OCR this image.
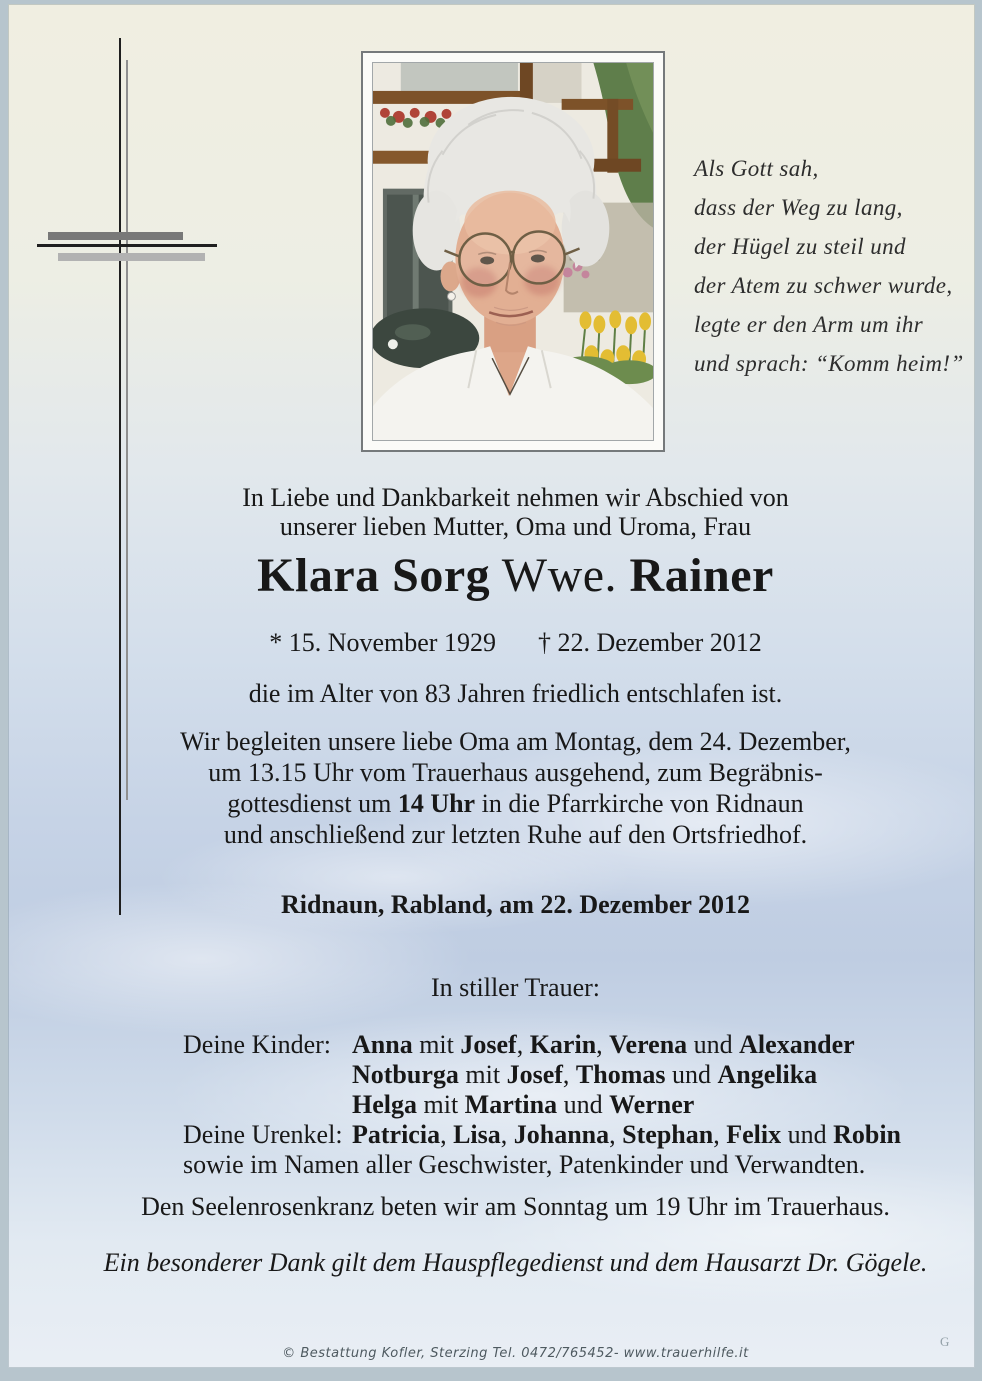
Als Gott sah,
dass der Weg zu lang,
der Hügel zu steil und
der Atem zu schwer wurde,
legte er den Arm um ihr
und sprach: “Komm heim!”
In Liebe und Dankbarkeit nehmen wir Abschied von
unserer lieben Mutter, Oma und Uroma, Frau
Klara Sorg Wwe. Rainer
* 15. November 1929 † 22. Dezember 2012
die im Alter von 83 Jahren friedlich entschlafen ist.
Wir begleiten unsere liebe Oma am Montag, dem 24. Dezember,
um 13.15 Uhr vom Trauerhaus ausgehend, zum Begräbnis-
gottesdienst um 14 Uhr in die Pfarrkirche von Ridnaun
und anschließend zur letzten Ruhe auf den Ortsfriedhof.
Ridnaun, Rabland, am 22. Dezember 2012
In stiller Trauer:
Deine Kinder: Anna mit Josef, Karin, Verena und Alexander
Notburga mit Josef, Thomas und Angelika
Helga mit Martina und Werner
Deine Urenkel: Patricia, Lisa, Johanna, Stephan, Felix und Robin
sowie im Namen aller Geschwister, Patenkinder und Verwandten.
Den Seelenrosenkranz beten wir am Sonntag um 19 Uhr im Trauerhaus.
Ein besonderer Dank gilt dem Hauspflegedienst und dem Hausarzt Dr. Gögele.
© Bestattung Kofler, Sterzing Tel. 0472/765452- www.trauerhilfe.it
G
